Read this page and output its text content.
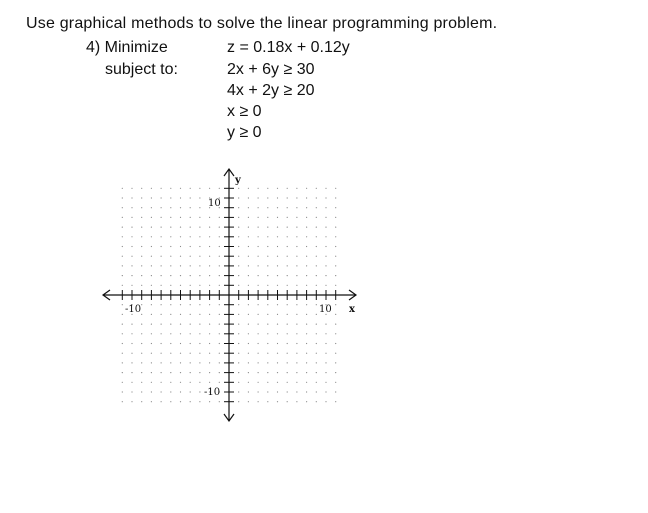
Use graphical methods to solve the linear programming problem.
4) Minimize
subject to:
z = 0.18x + 0.12y
2x + 6y ≥ 30
4x + 2y ≥ 20
x ≥ 0
y ≥ 0
-10	10 x
10
-10
y
